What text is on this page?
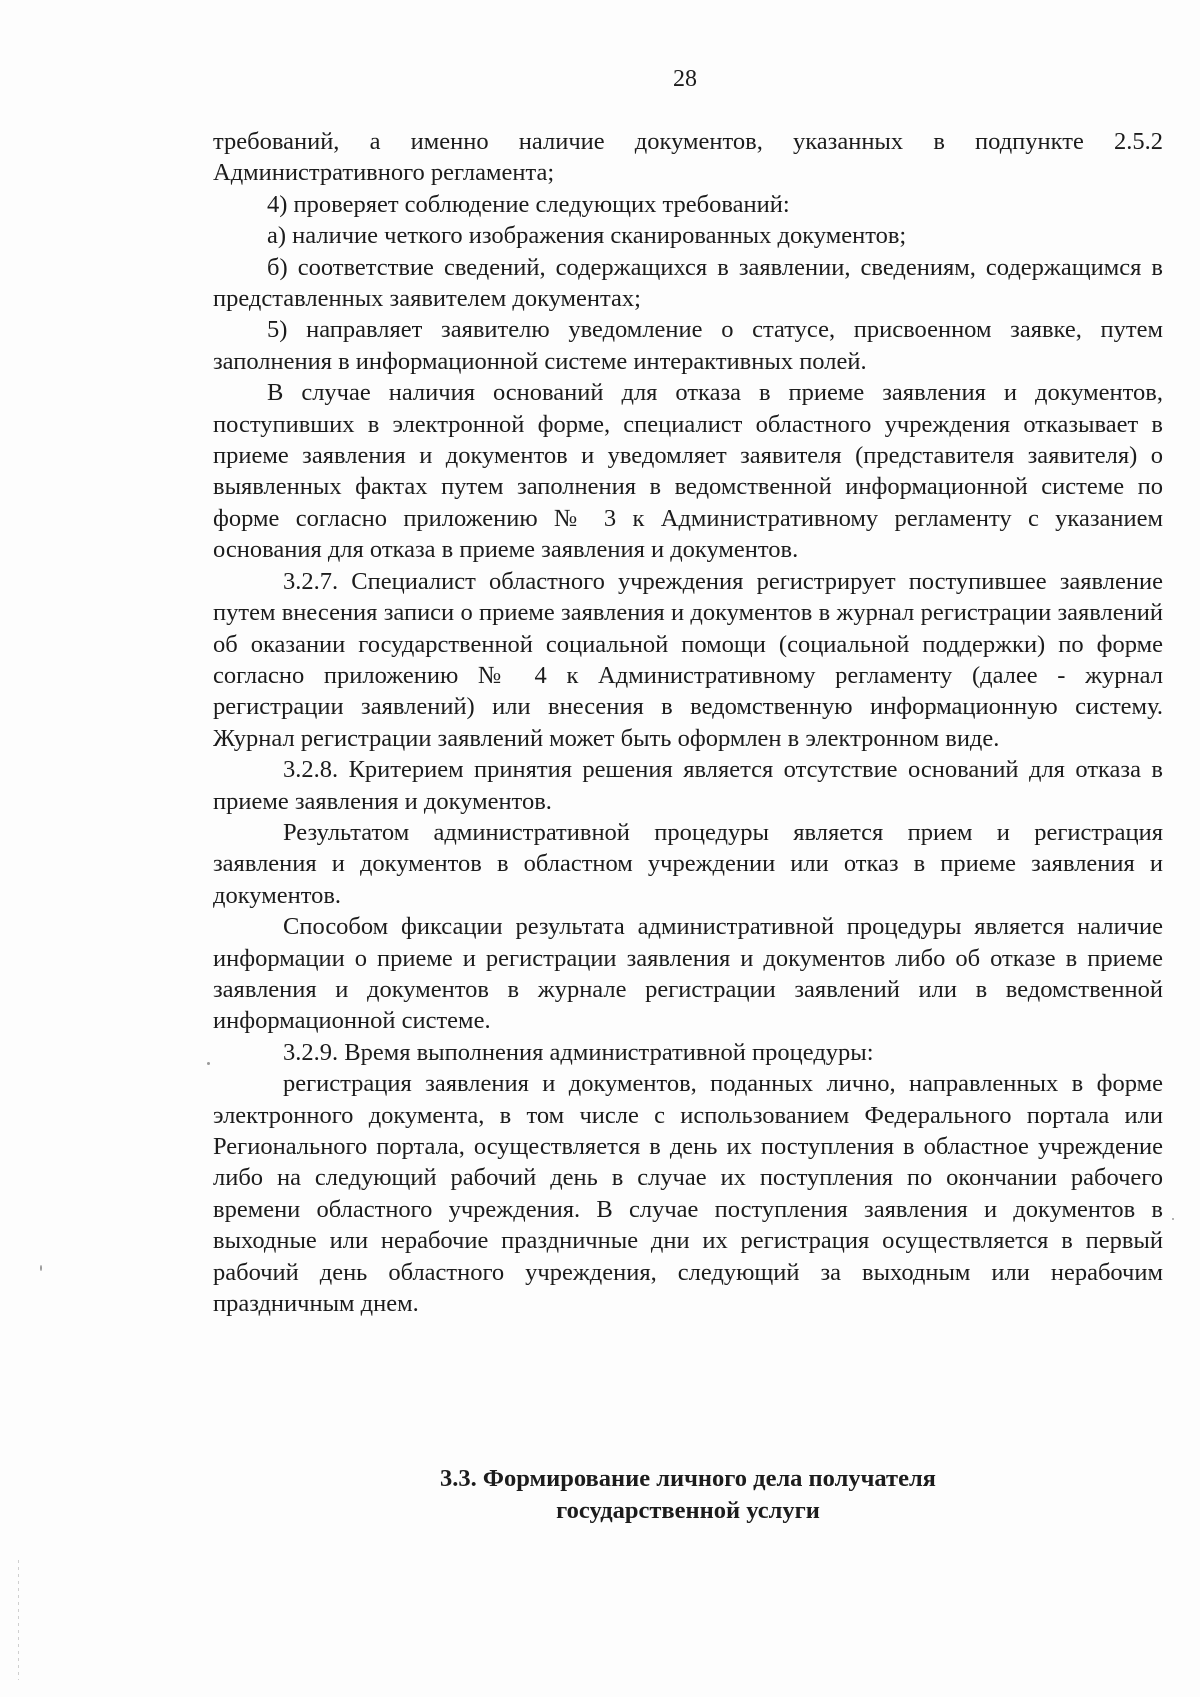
28

требований, а именно наличие документов, указанных в подпункте 2.5.2 Административного регламента;

4) проверяет соблюдение следующих требований:

а) наличие четкого изображения сканированных документов;

б) соответствие сведений, содержащихся в заявлении, сведениям, содержащимся в представленных заявителем документах;

5) направляет заявителю уведомление о статусе, присвоенном заявке, путем заполнения в информационной системе интерактивных полей.

В случае наличия оснований для отказа в приеме заявления и документов, поступивших в электронной форме, специалист областного учреждения отказывает в приеме заявления и документов и уведомляет заявителя (представителя заявителя) о выявленных фактах путем заполнения в ведомственной информационной системе по форме согласно приложению № 3 к Административному регламенту с указанием основания для отказа в приеме заявления и документов.

3.2.7. Специалист областного учреждения регистрирует поступившее заявление путем внесения записи о приеме заявления и документов в журнал регистрации заявлений об оказании государственной социальной помощи (социальной поддержки) по форме согласно приложению № 4 к Административному регламенту (далее - журнал регистрации заявлений) или внесения в ведомственную информационную систему. Журнал регистрации заявлений может быть оформлен в электронном виде.

3.2.8. Критерием принятия решения является отсутствие оснований для отказа в приеме заявления и документов.

Результатом административной процедуры является прием и регистрация заявления и документов в областном учреждении или отказ в приеме заявления и документов.

Способом фиксации результата административной процедуры является наличие информации о приеме и регистрации заявления и документов либо об отказе в приеме заявления и документов в журнале регистрации заявлений или в ведомственной информационной системе.

3.2.9. Время выполнения административной процедуры:

регистрация заявления и документов, поданных лично, направленных в форме электронного документа, в том числе с использованием Федерального портала или Регионального портала, осуществляется в день их поступления в областное учреждение либо на следующий рабочий день в случае их поступления по окончании рабочего времени областного учреждения. В случае поступления заявления и документов в выходные или нерабочие праздничные дни их регистрация осуществляется в первый рабочий день областного учреждения, следующий за выходным или нерабочим праздничным днем.

3.3. Формирование личного дела получателя
государственной услуги
